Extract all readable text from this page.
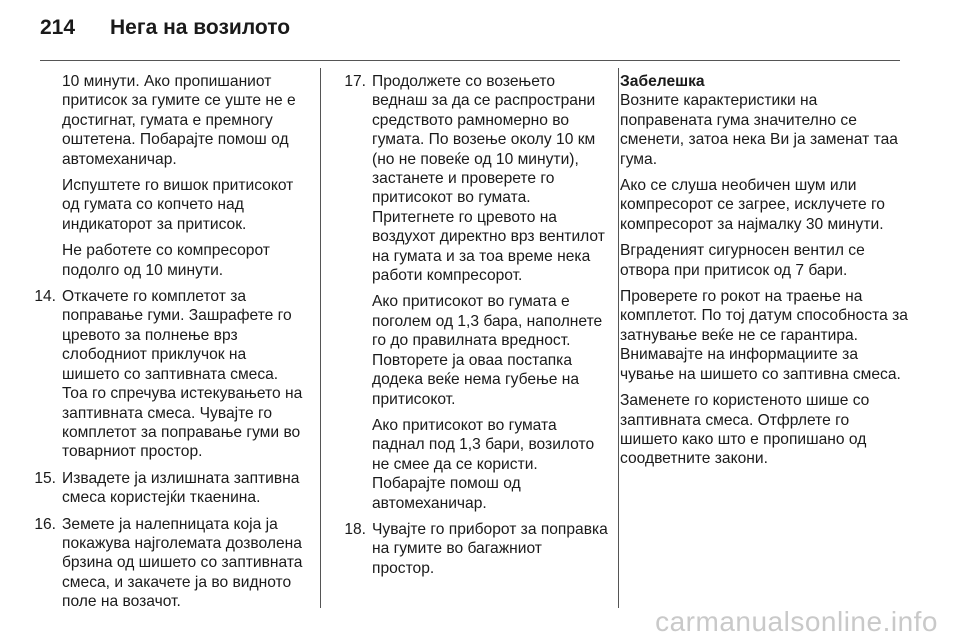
214	Нега на возилото

10 минути. Ако пропишаниот притисок за гумите се уште не е достигнат, гумата е премногу оштетена. Побарајте помош од автомеханичар.

Испуштете го вишок притисокот од гумата со копчето над индикаторот за притисок.

Не работете со компресорот подолго од 10 минути.

14. Откачете го комплетот за поправање гуми. Зашрафете го цревото за полнење врз слободниот приклучок на шишето со заптивната смеса. Тоа го спречува истекувањето на заптивната смеса. Чувајте го комплетот за поправање гуми во товарниот простор.

15. Извадете ја излишната заптивна смеса користејќи ткаенина.

16. Земете ја налепницата која ја покажува најголемата дозволена брзина од шишето со заптивната смеса, и закачете ја во видното поле на возачот.

17. Продолжете со возењето веднаш за да се распространи средството рамномерно во гумата. По возење околу 10 км (но не повеќе од 10 минути), застанете и проверете го притисокот во гумата. Притегнете го цревото на воздухот директно врз вентилот на гумата и за тоа време нека работи компресорот.

Ако притисокот во гумата е поголем од 1,3 бара, наполнете го до правилната вредност. Повторете ја оваа постапка додека веќе нема губење на притисокот.

Ако притисокот во гумата паднал под 1,3 бари, возилото не смее да се користи. Побарајте помош од автомеханичар.

18. Чувајте го приборот за поправка на гумите во багажниот простор.

Забелешка

Возните карактеристики на поправената гума значително се сменети, затоа нека Ви ја заменат таа гума.

Ако се слуша необичен шум или компресорот се загрее, исклучете го компресорот за најмалку 30 минути.

Вграденият сигурносен вентил се отвора при притисок од 7 бари.

Проверете го рокот на траење на комплетот. По тој датум способноста за затнување веќе не се гарантира. Внимавајте на информациите за чување на шишето со заптивна смеса.

Заменете го користеното шише со заптивната смеса. Отфрлете го шишето како што е пропишано од соодветните закони.

carmanualsonline.info
